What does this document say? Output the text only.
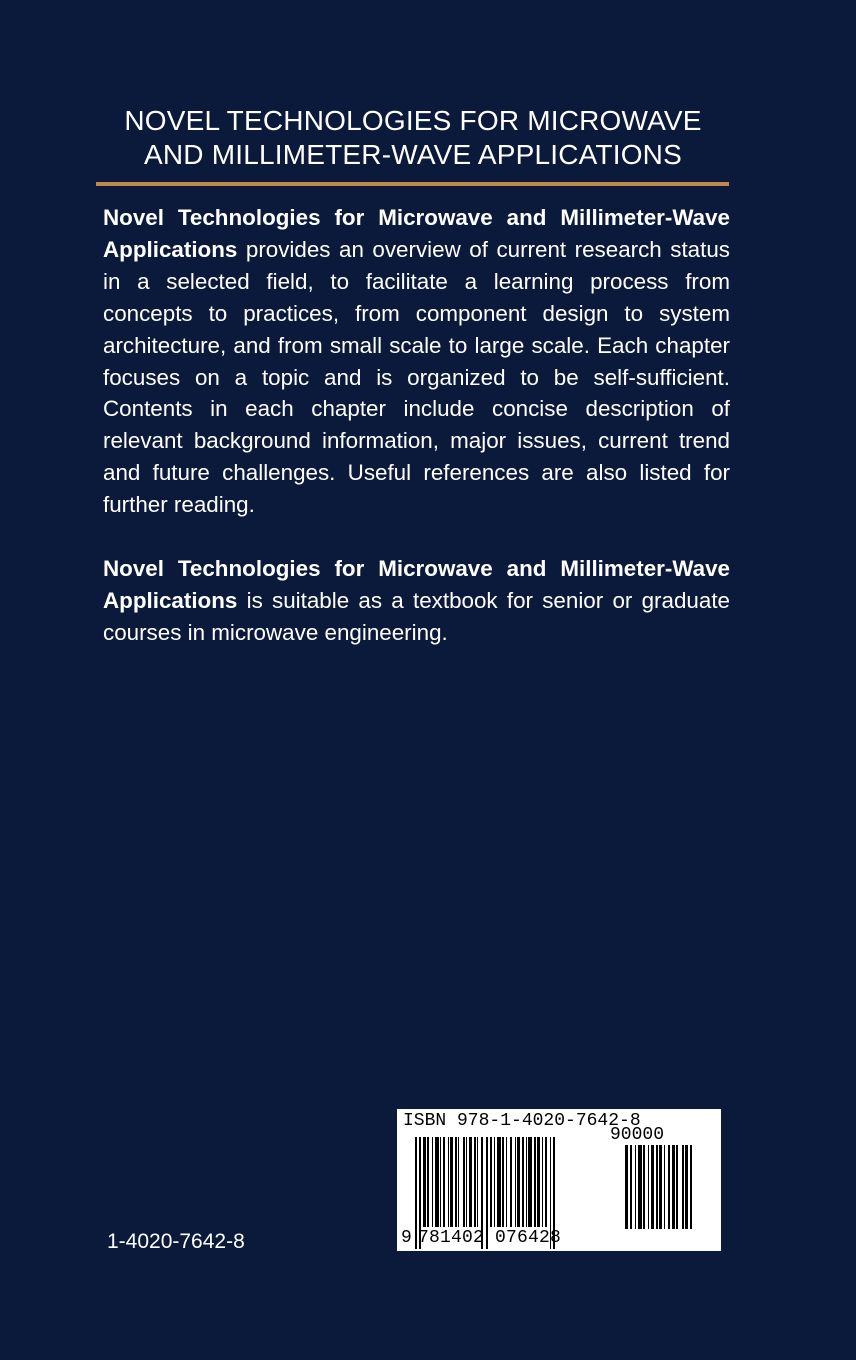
NOVEL TECHNOLOGIES FOR MICROWAVE
AND MILLIMETER-WAVE APPLICATIONS

Novel Technologies for Microwave and Millimeter-Wave Applications provides an overview of current research status in a selected field, to facilitate a learning process from concepts to practices, from component design to system architecture, and from small scale to large scale. Each chapter focuses on a topic and is organized to be self-sufficient. Contents in each chapter include concise description of relevant background information, major issues, current trend and future challenges. Useful references are also listed for further reading.

Novel Technologies for Microwave and Millimeter-Wave Applications is suitable as a textbook for senior or graduate courses in microwave engineering.

1-4020-7642-8
ISBN 978-1-4020-7642-8
90000
9 781402 076428
